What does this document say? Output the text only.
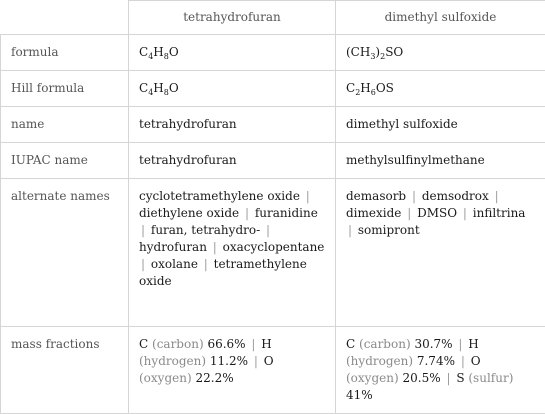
	tetrahydrofuran	dimethyl sulfoxide
formula	$C_4H_8O$	$(CH_3)_2SO$
Hill formula	$C_4H_8O$	$C_2H_6OS$
name	tetrahydrofuran	dimethyl sulfoxide
IUPAC name	tetrahydrofuran	methylsulfinylmethane
alternate names	cyclotetramethylene oxide | diethylene oxide | furanidine | furan, tetrahydro- | hydrofuran | oxacyclopentane | oxolane | tetramethylene oxide	demasorb | demsodrox | dimexide | DMSO | infiltrina | somipront
mass fractions	C (carbon) 66.6% | H (hydrogen) 11.2% | O (oxygen) 22.2%	C (carbon) 30.7% | H (hydrogen) 7.74% | O (oxygen) 20.5% | S (sulfur) 41%
